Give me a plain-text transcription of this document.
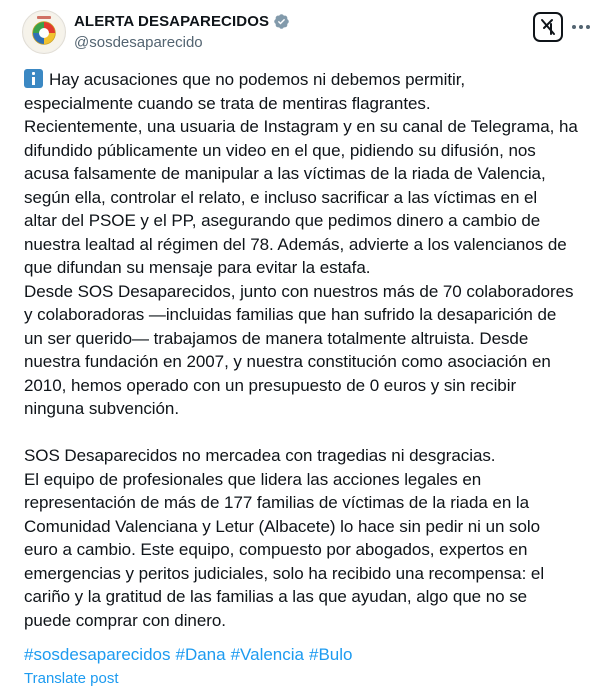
ALERTA DESAPARECIDOS
@sosdesaparecido
Hay acusaciones que no podemos ni debemos permitir,
especialmente cuando se trata de mentiras flagrantes.
Recientemente, una usuaria de Instagram y en su canal de Telegrama, ha
difundido públicamente un video en el que, pidiendo su difusión, nos
acusa falsamente de manipular a las víctimas de la riada de Valencia,
según ella, controlar el relato, e incluso sacrificar a las víctimas en el
altar del PSOE y el PP, asegurando que pedimos dinero a cambio de
nuestra lealtad al régimen del 78. Además, advierte a los valencianos de
que difundan su mensaje para evitar la estafa.
Desde SOS Desaparecidos, junto con nuestros más de 70 colaboradores
y colaboradoras —incluidas familias que han sufrido la desaparición de
un ser querido— trabajamos de manera totalmente altruista. Desde
nuestra fundación en 2007, y nuestra constitución como asociación en
2010, hemos operado con un presupuesto de 0 euros y sin recibir
ninguna subvención.

SOS Desaparecidos no mercadea con tragedias ni desgracias.
El equipo de profesionales que lidera las acciones legales en
representación de más de 177 familias de víctimas de la riada en la
Comunidad Valenciana y Letur (Albacete) lo hace sin pedir ni un solo
euro a cambio. Este equipo, compuesto por abogados, expertos en
emergencias y peritos judiciales, solo ha recibido una recompensa: el
cariño y la gratitud de las familias a las que ayudan, algo que no se
puede comprar con dinero.
#sosdesaparecidos #Dana #Valencia #Bulo
Translate post
